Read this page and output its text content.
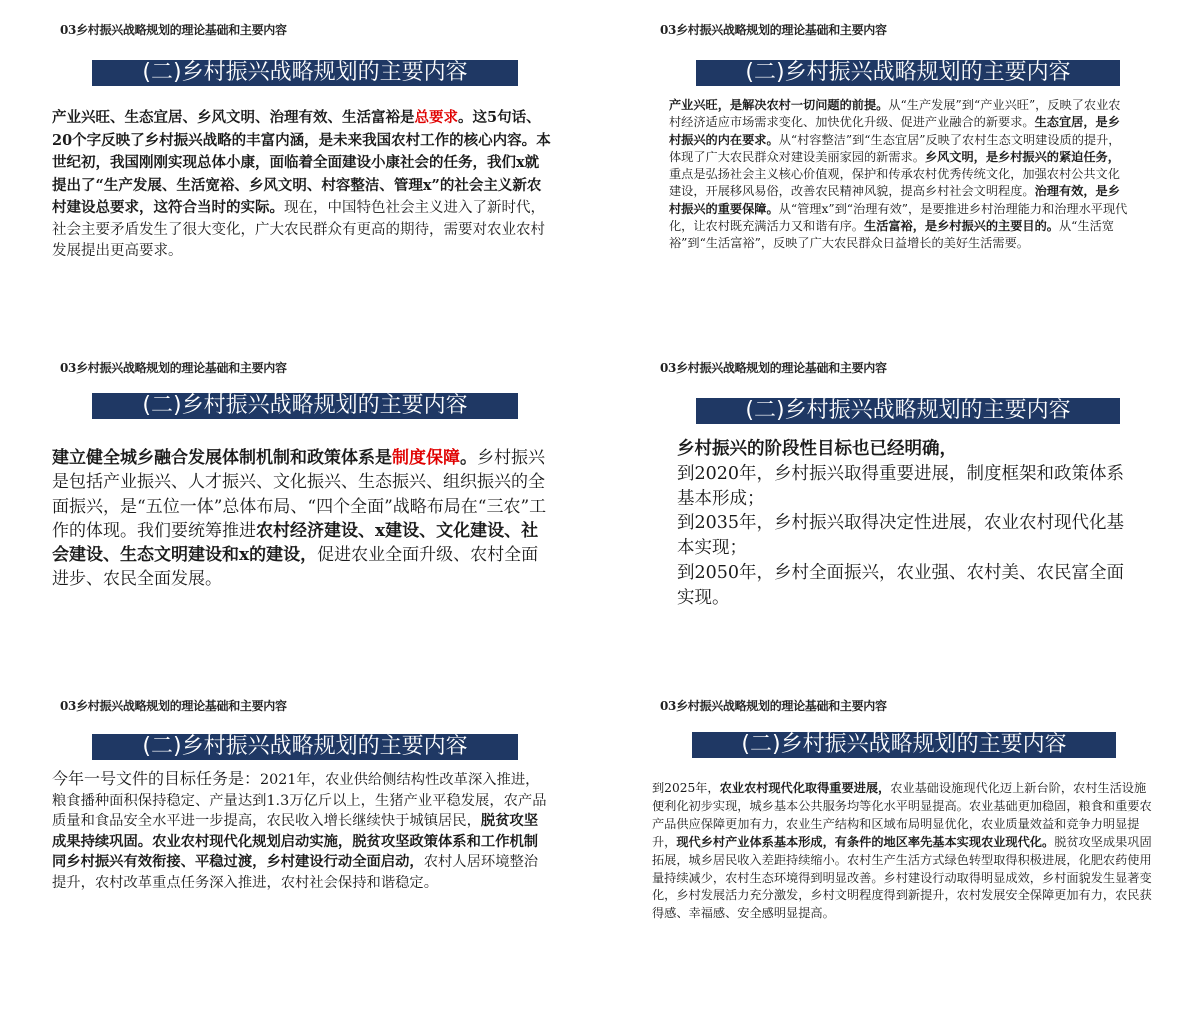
03乡村振兴战略规划的理论基础和主要内容
(二)乡村振兴战略规划的主要内容
产业兴旺、生态宜居、乡风文明、治理有效、生活富裕是总要求。这5句话、20个字反映了乡村振兴战略的丰富内涵，是未来我国农村工作的核心内容。本世纪初，我国刚刚实现总体小康，面临着全面建设小康社会的任务，我们x就提出了“生产发展、生活宽裕、乡风文明、村容整洁、管理x”的社会主义新农村建设总要求，这符合当时的实际。现在，中国特色社会主义进入了新时代，社会主要矛盾发生了很大变化，广大农民群众有更高的期待，需要对农业农村发展提出更高要求。
03乡村振兴战略规划的理论基础和主要内容
(二)乡村振兴战略规划的主要内容
产业兴旺，是解决农村一切问题的前提。从“生产发展”到“产业兴旺”，反映了农业农村经济适应市场需求变化、加快优化升级、促进产业融合的新要求。生态宜居，是乡村振兴的内在要求。从“村容整洁”到“生态宜居”反映了农村生态文明建设质的提升，体现了广大农民群众对建设美丽家园的新需求。乡风文明，是乡村振兴的紧迫任务，重点是弘扬社会主义核心价值观，保护和传承农村优秀传统文化，加强农村公共文化建设，开展移风易俗，改善农民精神风貌，提高乡村社会文明程度。治理有效，是乡村振兴的重要保障。从“管理x”到“治理有效”，是要推进乡村治理能力和治理水平现代化，让农村既充满活力又和谐有序。生活富裕，是乡村振兴的主要目的。从“生活宽裕”到“生活富裕”，反映了广大农民群众日益增长的美好生活需要。
03乡村振兴战略规划的理论基础和主要内容
(二)乡村振兴战略规划的主要内容
建立健全城乡融合发展体制机制和政策体系是制度保障。乡村振兴是包括产业振兴、人才振兴、文化振兴、生态振兴、组织振兴的全面振兴，是“五位一体”总体布局、“四个全面”战略布局在“三农”工作的体现。我们要统筹推进农村经济建设、x建设、文化建设、社会建设、生态文明建设和x的建设，促进农业全面升级、农村全面进步、农民全面发展。
03乡村振兴战略规划的理论基础和主要内容
(二)乡村振兴战略规划的主要内容

乡村振兴的阶段性目标也已经明确，

到2020年，乡村振兴取得重要进展，制度框架和政策体系基本形成；

到2035年，乡村振兴取得决定性进展，农业农村现代化基本实现；

到2050年，乡村全面振兴，农业强、农村美、农民富全面实现。

03乡村振兴战略规划的理论基础和主要内容
(二)乡村振兴战略规划的主要内容
今年一号文件的目标任务是：2021年，农业供给侧结构性改革深入推进，粮食播种面积保持稳定、产量达到1.3万亿斤以上，生猪产业平稳发展，农产品质量和食品安全水平进一步提高，农民收入增长继续快于城镇居民，脱贫攻坚成果持续巩固。农业农村现代化规划启动实施，脱贫攻坚政策体系和工作机制同乡村振兴有效衔接、平稳过渡，乡村建设行动全面启动，农村人居环境整治提升，农村改革重点任务深入推进，农村社会保持和谐稳定。
03乡村振兴战略规划的理论基础和主要内容
(二)乡村振兴战略规划的主要内容
到2025年，农业农村现代化取得重要进展，农业基础设施现代化迈上新台阶，农村生活设施便利化初步实现，城乡基本公共服务均等化水平明显提高。农业基础更加稳固，粮食和重要农产品供应保障更加有力，农业生产结构和区域布局明显优化，农业质量效益和竞争力明显提升，现代乡村产业体系基本形成，有条件的地区率先基本实现农业现代化。脱贫攻坚成果巩固拓展，城乡居民收入差距持续缩小。农村生产生活方式绿色转型取得积极进展，化肥农药使用量持续减少，农村生态环境得到明显改善。乡村建设行动取得明显成效，乡村面貌发生显著变化，乡村发展活力充分激发，乡村文明程度得到新提升，农村发展安全保障更加有力，农民获得感、幸福感、安全感明显提高。
